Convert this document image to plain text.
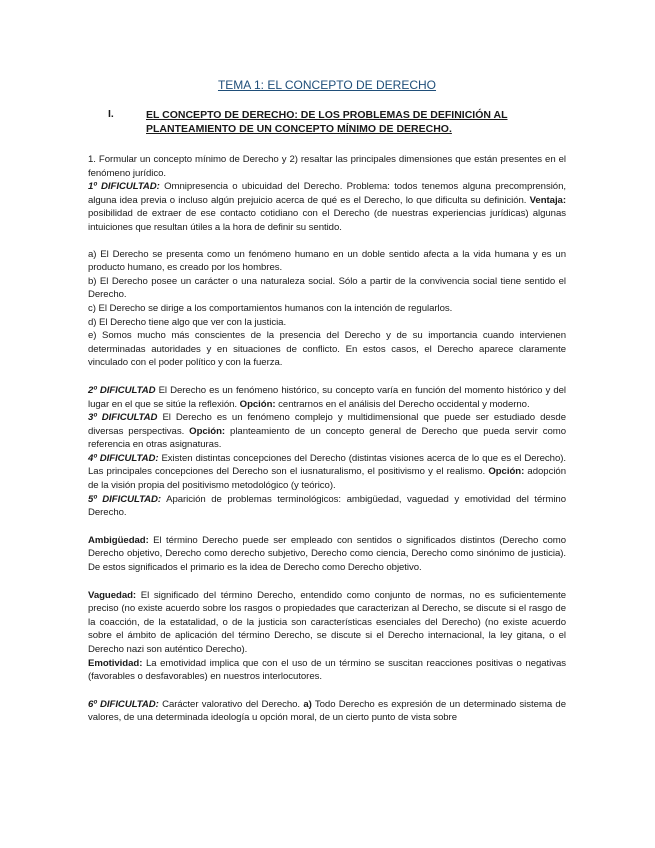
TEMA 1: EL CONCEPTO DE DERECHO
I.	EL CONCEPTO DE DERECHO: DE LOS PROBLEMAS DE DEFINICIÓN AL PLANTEAMIENTO DE UN CONCEPTO MÍNIMO DE DERECHO.

1. Formular un concepto mínimo de Derecho y 2) resaltar las principales dimensiones que están presentes en el fenómeno jurídico.

1º DIFICULTAD: Omnipresencia o ubicuidad del Derecho. Problema: todos tenemos alguna precomprensión, alguna idea previa o incluso algún prejuicio acerca de qué es el Derecho, lo que dificulta su definición. Ventaja: posibilidad de extraer de ese contacto cotidiano con el Derecho (de nuestras experiencias jurídicas) algunas intuiciones que resultan útiles a la hora de definir su sentido.

a) El Derecho se presenta como un fenómeno humano en un doble sentido afecta a la vida humana y es un producto humano, es creado por los hombres.

b) El Derecho posee un carácter o una naturaleza social. Sólo a partir de la convivencia social tiene sentido el Derecho.

c) El Derecho se dirige a los comportamientos humanos con la intención de regularlos.

d) El Derecho tiene algo que ver con la justicia.

e) Somos mucho más conscientes de la presencia del Derecho y de su importancia cuando intervienen determinadas autoridades y en situaciones de conflicto. En estos casos, el Derecho aparece claramente vinculado con el poder político y con la fuerza.

2º DIFICULTAD El Derecho es un fenómeno histórico, su concepto varía en función del momento histórico y del lugar en el que se sitúe la reflexión. Opción: centrarnos en el análisis del Derecho occidental y moderno.

3º DIFICULTAD El Derecho es un fenómeno complejo y multidimensional que puede ser estudiado desde diversas perspectivas. Opción: planteamiento de un concepto general de Derecho que pueda servir como referencia en otras asignaturas.

4º DIFICULTAD: Existen distintas concepciones del Derecho (distintas visiones acerca de lo que es el Derecho). Las principales concepciones del Derecho son el iusnaturalismo, el positivismo y el realismo. Opción: adopción de la visión propia del positivismo metodológico (y teórico).

5º DIFICULTAD: Aparición de problemas terminológicos: ambigüedad, vaguedad y emotividad del término Derecho.

Ambigüedad: El término Derecho puede ser empleado con sentidos o significados distintos (Derecho como Derecho objetivo, Derecho como derecho subjetivo, Derecho como ciencia, Derecho como sinónimo de justicia). De estos significados el primario es la idea de Derecho como Derecho objetivo.

Vaguedad: El significado del término Derecho, entendido como conjunto de normas, no es suficientemente preciso (no existe acuerdo sobre los rasgos o propiedades que caracterizan al Derecho, se discute si el rasgo de la coacción, de la estatalidad, o de la justicia son características esenciales del Derecho) (no existe acuerdo sobre el ámbito de aplicación del término Derecho, se discute si el Derecho internacional, la ley gitana, o el Derecho nazi son auténtico Derecho).

Emotividad: La emotividad implica que con el uso de un término se suscitan reacciones positivas o negativas (favorables o desfavorables) en nuestros interlocutores.

6º DIFICULTAD: Carácter valorativo del Derecho. a) Todo Derecho es expresión de un determinado sistema de valores, de una determinada ideología u opción moral, de un cierto punto de vista sobre
